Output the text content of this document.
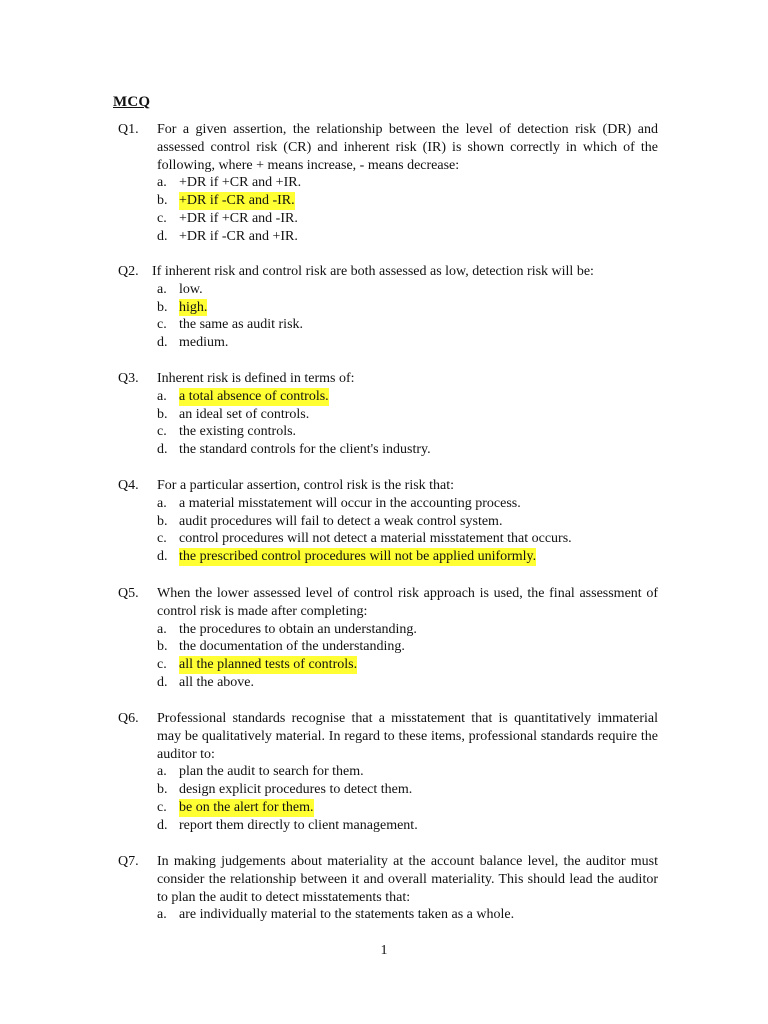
MCQ
Q1. For a given assertion, the relationship between the level of detection risk (DR) and assessed control risk (CR) and inherent risk (IR) is shown correctly in which of the following, where + means increase, - means decrease:
a. +DR if +CR and +IR.
b. +DR if -CR and -IR.
c. +DR if +CR and -IR.
d. +DR if -CR and +IR.
Q2. If inherent risk and control risk are both assessed as low, detection risk will be:
a. low.
b. high.
c. the same as audit risk.
d. medium.
Q3. Inherent risk is defined in terms of:
a. a total absence of controls.
b. an ideal set of controls.
c. the existing controls.
d. the standard controls for the client's industry.
Q4. For a particular assertion, control risk is the risk that:
a. a material misstatement will occur in the accounting process.
b. audit procedures will fail to detect a weak control system.
c. control procedures will not detect a material misstatement that occurs.
d. the prescribed control procedures will not be applied uniformly.
Q5. When the lower assessed level of control risk approach is used, the final assessment of control risk is made after completing:
a. the procedures to obtain an understanding.
b. the documentation of the understanding.
c. all the planned tests of controls.
d. all the above.
Q6. Professional standards recognise that a misstatement that is quantitatively immaterial may be qualitatively material. In regard to these items, professional standards require the auditor to:
a. plan the audit to search for them.
b. design explicit procedures to detect them.
c. be on the alert for them.
d. report them directly to client management.
Q7. In making judgements about materiality at the account balance level, the auditor must consider the relationship between it and overall materiality. This should lead the auditor to plan the audit to detect misstatements that:
a. are individually material to the statements taken as a whole.
1
